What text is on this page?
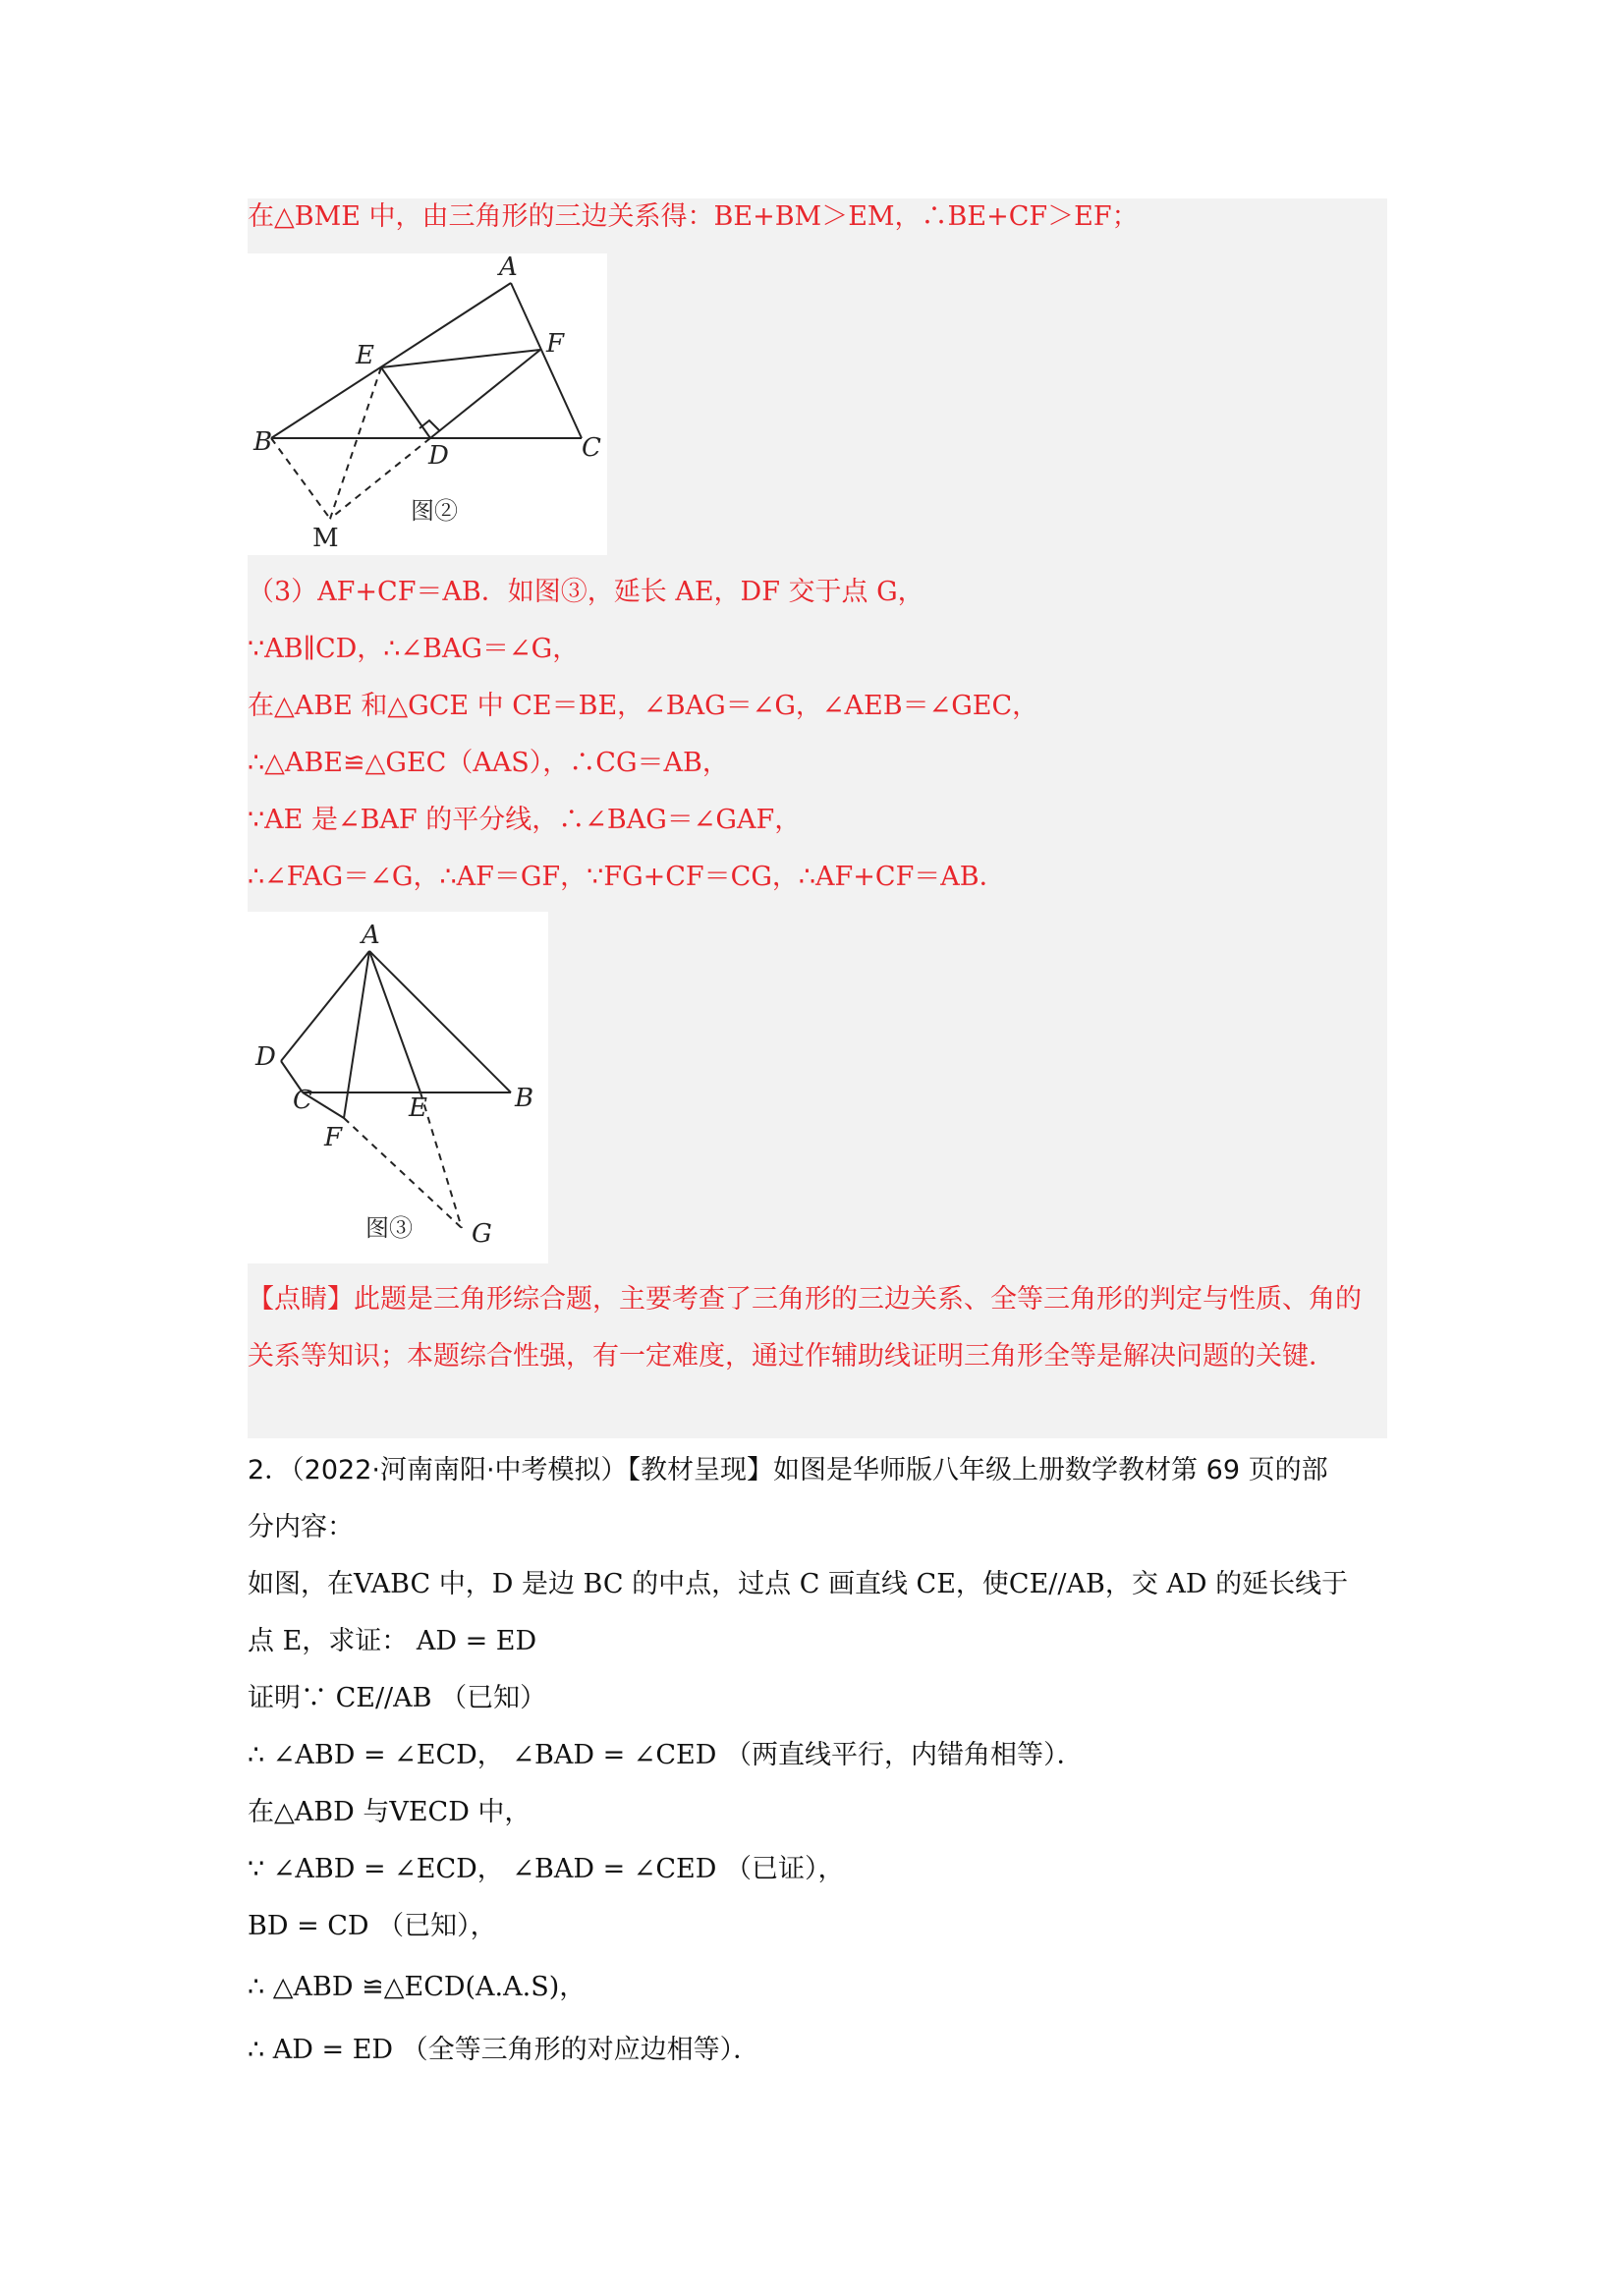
在△BME 中，由三角形的三边关系得：BE+BM＞EM，∴BE+CF＞EF；
A
B	C
D
E	F
M
图②
（3）AF+CF＝AB．如图③，延长 AE，DF 交于点 G，
∵AB∥CD，∴∠BAG＝∠G，
在△ABE 和△GCE 中 CE＝BE，∠BAG＝∠G，∠AEB＝∠GEC，
∴△ABE≌△GEC（AAS），∴CG＝AB，
∵AE 是∠BAF 的平分线，∴∠BAG＝∠GAF，
∴∠FAG＝∠G，∴AF＝GF，∵FG+CF＝CG，∴AF+CF＝AB．
A
B
C
D
E
F
G
图③
【点睛】此题是三角形综合题，主要考查了三角形的三边关系、全等三角形的判定与性质、角的关系等知识；本题综合性强，有一定难度，通过作辅助线证明三角形全等是解决问题的关键．
2．（2022·河南南阳·中考模拟）【教材呈现】如图是华师版八年级上册数学教材第 69 页的部
分内容：
如图，在VABC 中，D 是边 BC 的中点，过点 C 画直线 CE，使CE//AB，交 AD 的延长线于
点 E，求证： AD = ED
证明∵ CE//AB （已知）
∴ ∠ABD = ∠ECD， ∠BAD = ∠CED （两直线平行，内错角相等）．
在△ABD 与VECD 中，
∵ ∠ABD = ∠ECD， ∠BAD = ∠CED （已证），
BD = CD （已知），
∴ △ABD ≌△ECD(A.A.S)，
∴ AD = ED （全等三角形的对应边相等）．
